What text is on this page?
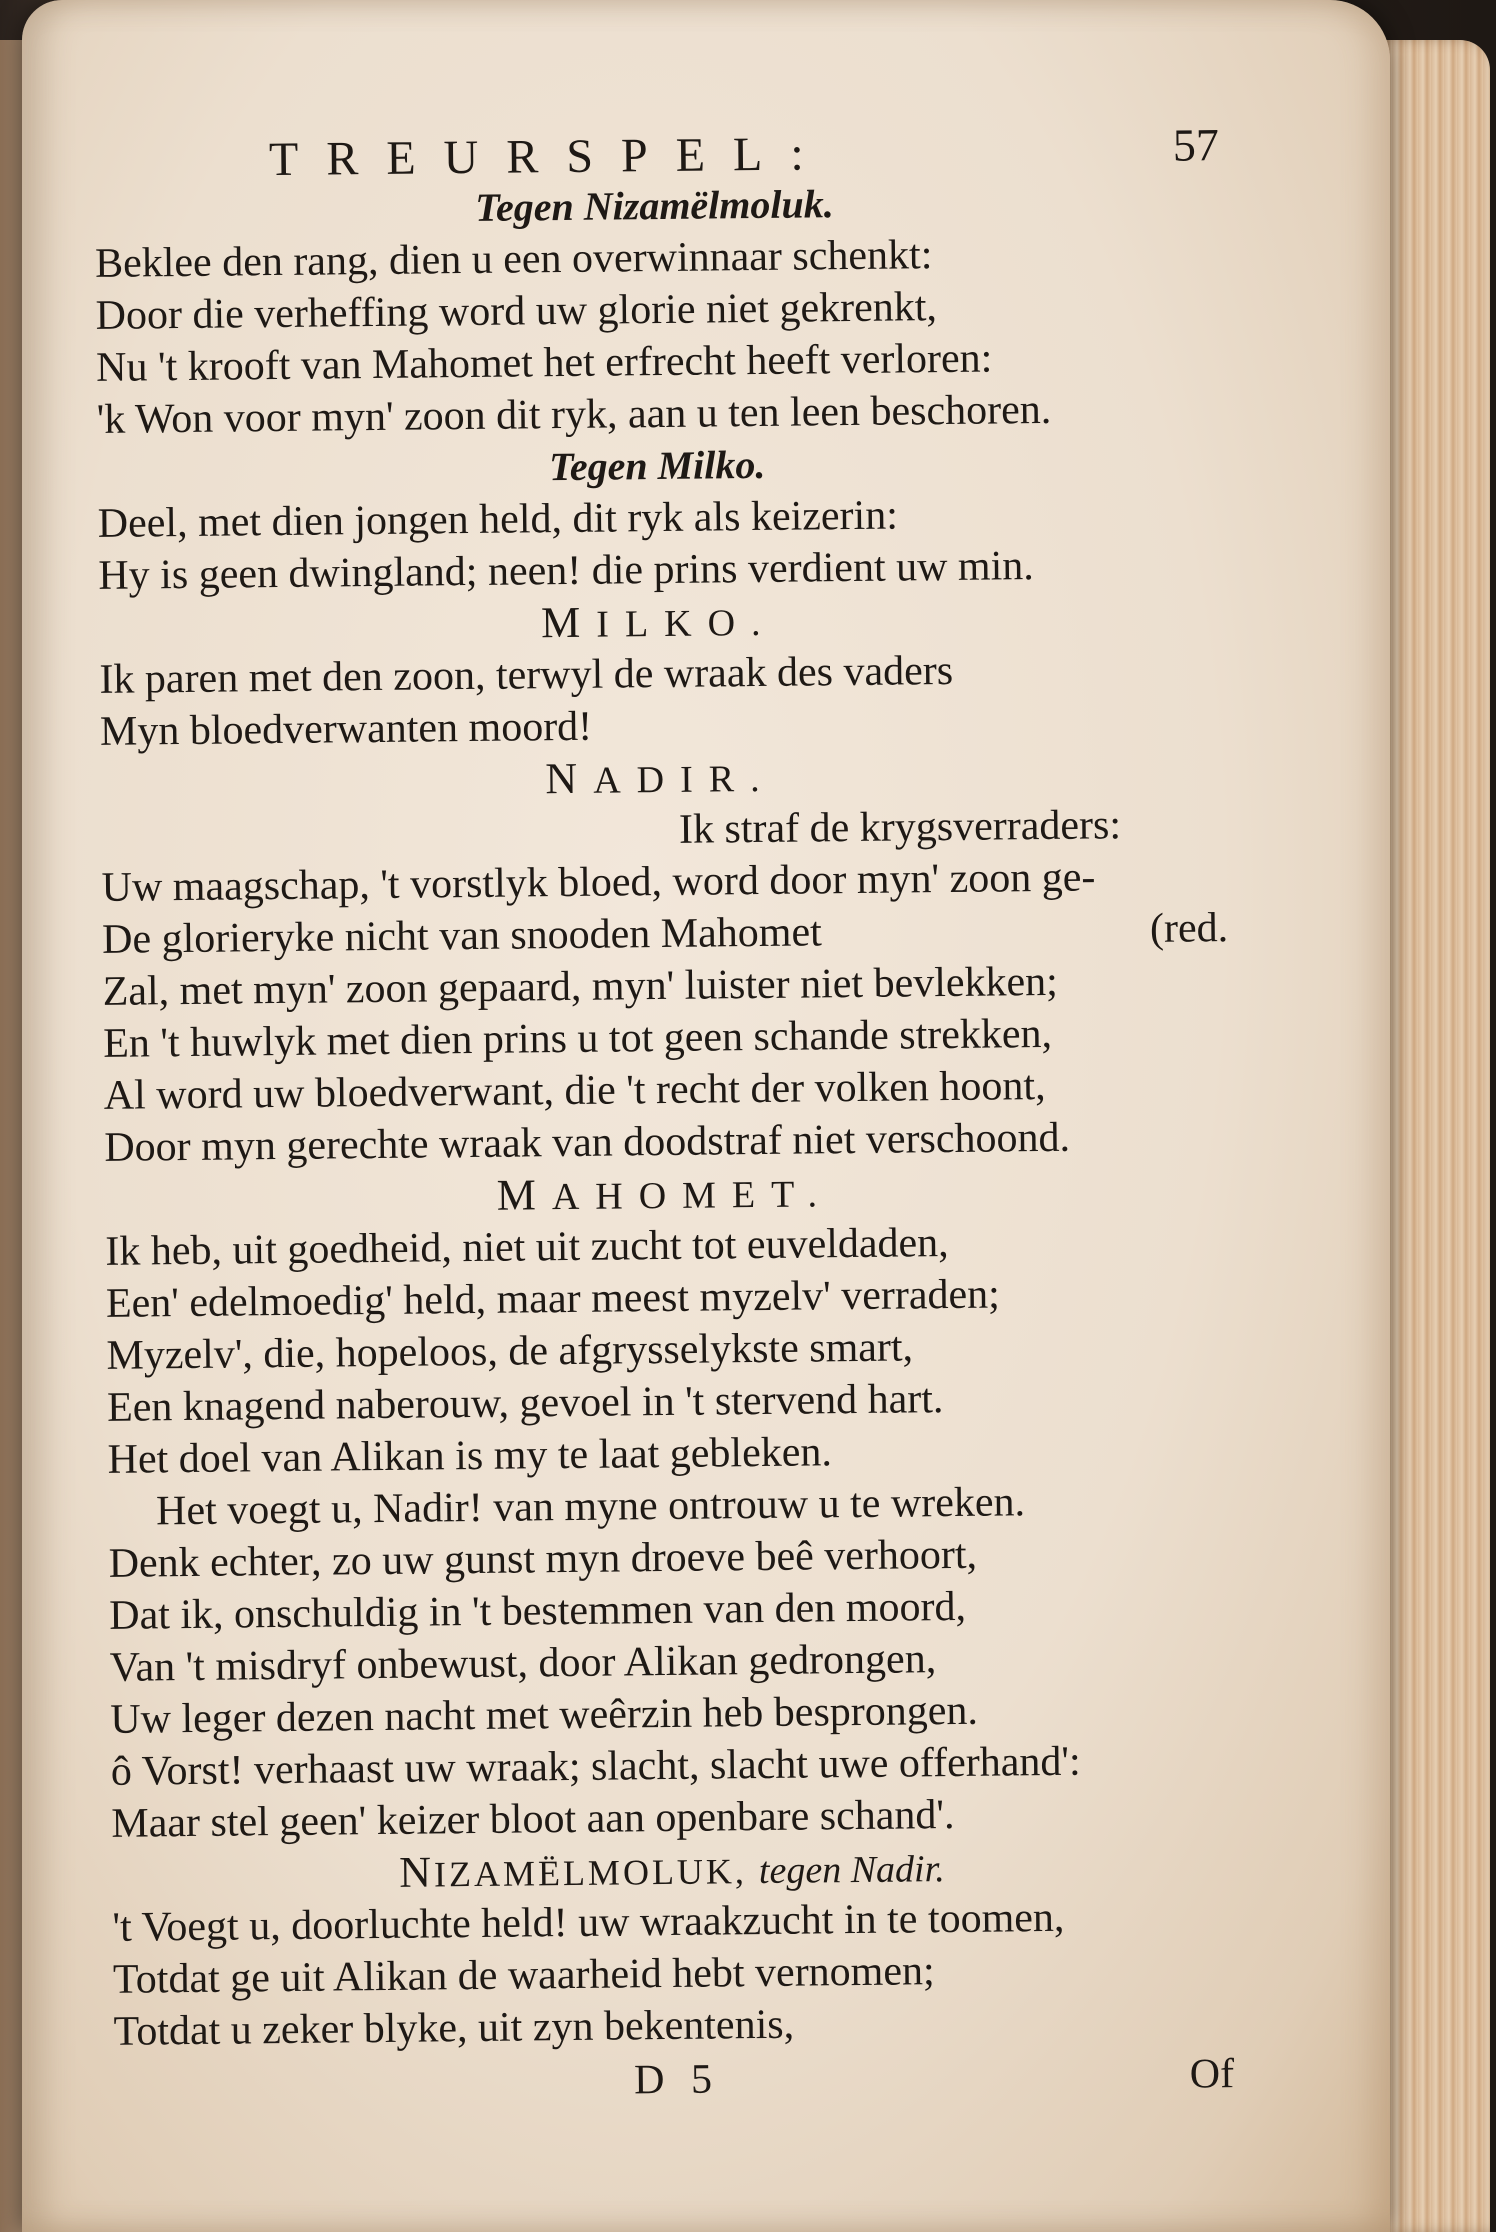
TREURSPEL:	57
Tegen Nizamëlmoluk.
Beklee den rang, dien u een overwinnaar schenkt:
Door die verheffing word uw glorie niet gekrenkt,
Nu 't krooft van Mahomet het erfrecht heeft verloren:
'k Won voor myn' zoon dit ryk, aan u ten leen beschoren.
Tegen Milko.
Deel, met dien jongen held, dit ryk als keizerin:
Hy is geen dwingland; neen! die prins verdient uw min.
MILKO.
Ik paren met den zoon, terwyl de wraak des vaders
Myn bloedverwanten moord!
NADIR.
Ik straf de krygsverraders:
Uw maagschap, 't vorstlyk bloed, word door myn' zoon ge-
De glorieryke nicht van snooden Mahomet	(red.
Zal, met myn' zoon gepaard, myn' luister niet bevlekken;
En 't huwlyk met dien prins u tot geen schande strekken,
Al word uw bloedverwant, die 't recht der volken hoont,
Door myn gerechte wraak van doodstraf niet verschoond.
MAHOMET.
Ik heb, uit goedheid, niet uit zucht tot euveldaden,
Een' edelmoedig' held, maar meest myzelv' verraden;
Myzelv', die, hopeloos, de afgrysselykste smart,
Een knagend naberouw, gevoel in 't stervend hart.
Het doel van Alikan is my te laat gebleken.
Het voegt u, Nadir! van myne ontrouw u te wreken.
Denk echter, zo uw gunst myn droeve beê verhoort,
Dat ik, onschuldig in 't bestemmen van den moord,
Van 't misdryf onbewust, door Alikan gedrongen,
Uw leger dezen nacht met weêrzin heb besprongen.
ô Vorst! verhaast uw wraak; slacht, slacht uwe offerhand':
Maar stel geen' keizer bloot aan openbare schand'.
NIZAMËLMOLUK, tegen Nadir.
't Voegt u, doorluchte held! uw wraakzucht in te toomen,
Totdat ge uit Alikan de waarheid hebt vernomen;
Totdat u zeker blyke, uit zyn bekentenis,
D 5	Of
